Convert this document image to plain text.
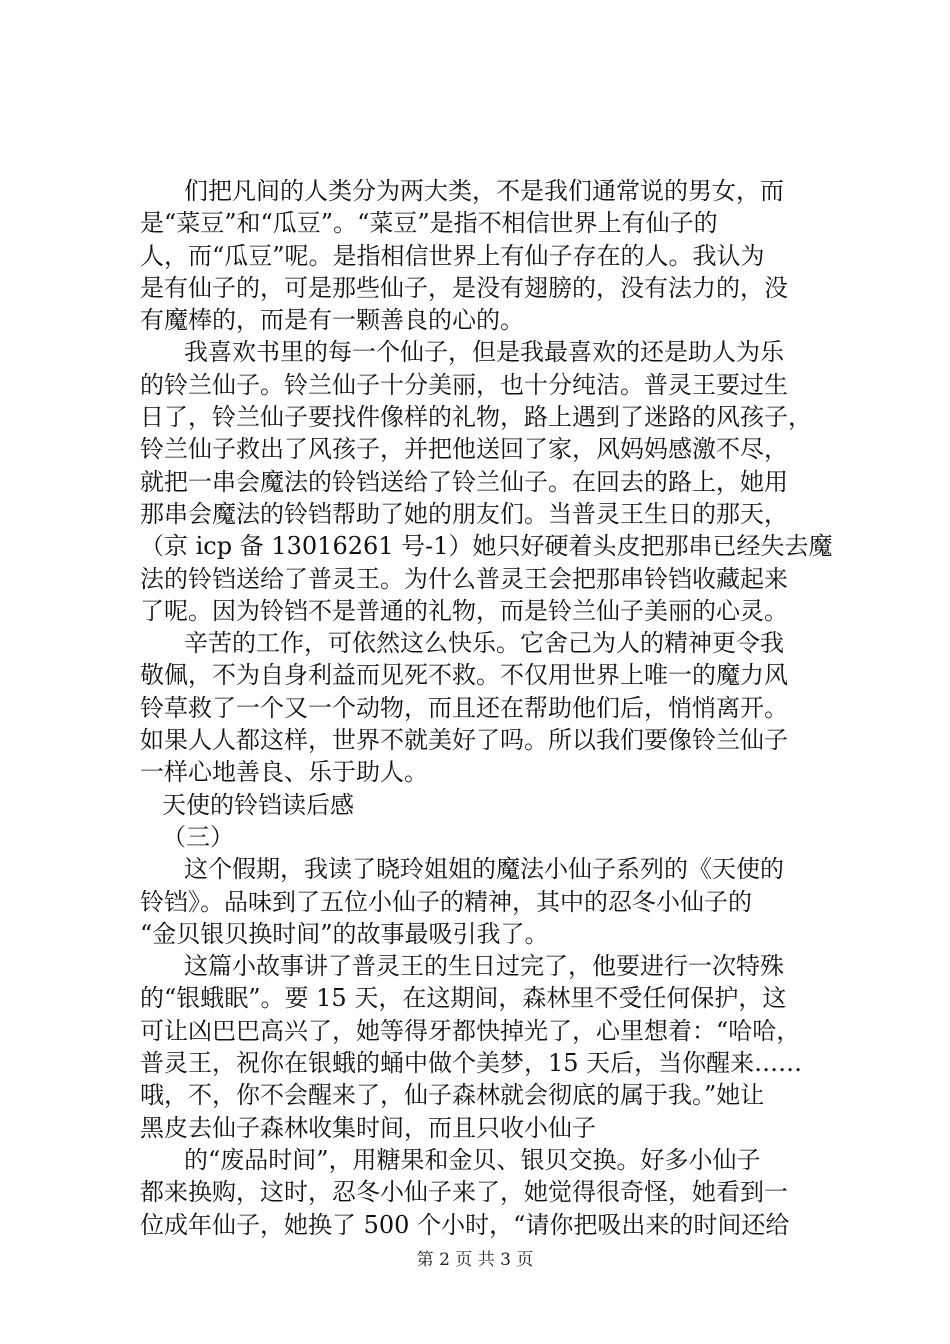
们把凡间的人类分为两大类，不是我们通常说的男女，而
是“菜豆”和“瓜豆”。“菜豆”是指不相信世界上有仙子的
人，而“瓜豆”呢。是指相信世界上有仙子存在的人。我认为
是有仙子的，可是那些仙子，是没有翅膀的，没有法力的，没
有魔棒的，而是有一颗善良的心的。
我喜欢书里的每一个仙子，但是我最喜欢的还是助人为乐
的铃兰仙子。铃兰仙子十分美丽，也十分纯洁。普灵王要过生
日了，铃兰仙子要找件像样的礼物，路上遇到了迷路的风孩子，
铃兰仙子救出了风孩子，并把他送回了家，风妈妈感激不尽，
就把一串会魔法的铃铛送给了铃兰仙子。在回去的路上，她用
那串会魔法的铃铛帮助了她的朋友们。当普灵王生日的那天，
（京 icp 备 13016261 号-1）她只好硬着头皮把那串已经失去魔
法的铃铛送给了普灵王。为什么普灵王会把那串铃铛收藏起来
了呢。因为铃铛不是普通的礼物，而是铃兰仙子美丽的心灵。
辛苦的工作，可依然这么快乐。它舍己为人的精神更令我
敬佩，不为自身利益而见死不救。不仅用世界上唯一的魔力风
铃草救了一个又一个动物，而且还在帮助他们后，悄悄离开。
如果人人都这样，世界不就美好了吗。所以我们要像铃兰仙子
一样心地善良、乐于助人。
天使的铃铛读后感
（三）
这个假期，我读了晓玲姐姐的魔法小仙子系列的《天使的
铃铛》。品味到了五位小仙子的精神，其中的忍冬小仙子的
“金贝银贝换时间”的故事最吸引我了。
这篇小故事讲了普灵王的生日过完了，他要进行一次特殊
的“银蛾眠”。要 15 天，在这期间，森林里不受任何保护，这
可让凶巴巴高兴了，她等得牙都快掉光了，心里想着：“哈哈，
普灵王，祝你在银蛾的蛹中做个美梦，15 天后，当你醒来……
哦，不，你不会醒来了，仙子森林就会彻底的属于我。”她让
黑皮去仙子森林收集时间，而且只收小仙子
的“废品时间”，用糖果和金贝、银贝交换。好多小仙子
都来换购，这时，忍冬小仙子来了，她觉得很奇怪，她看到一
位成年仙子，她换了 500 个小时，“请你把吸出来的时间还给
第 2 页 共 3 页
